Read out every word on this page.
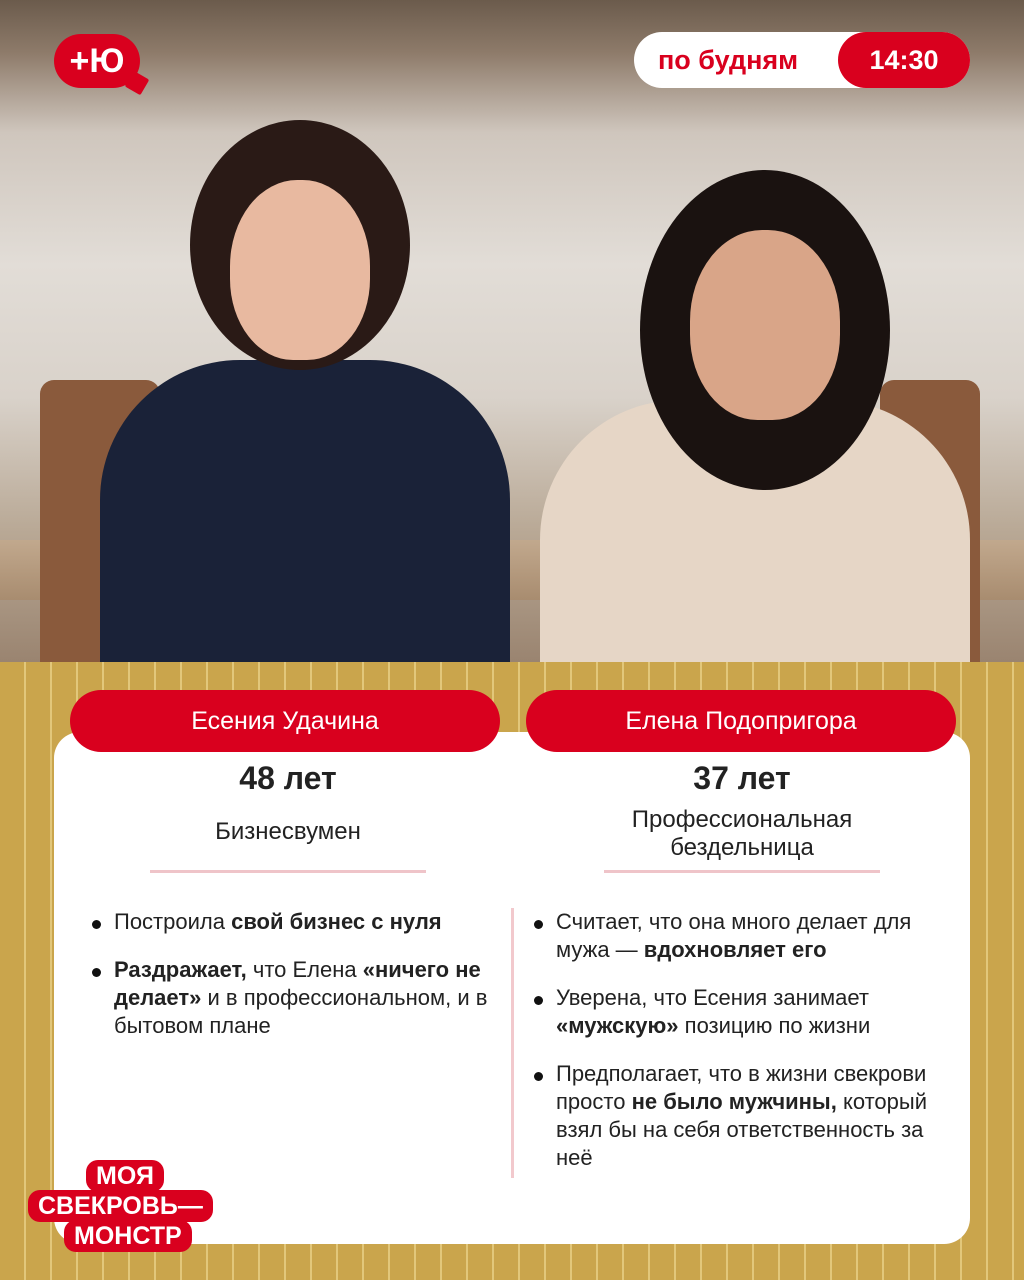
+Ю	по будням	14:30
Есения Удачина	Елена Подопригора
48 лет
Бизнесвумен
37 лет
Профессиональная
бездельница
Построила свой бизнес с нуля
Раздражает, что Елена «ничего не делает» и в профессиональном, и в бытовом плане
Считает, что она много делает для мужа — вдохновляет его
Уверена, что Есения занимает «мужскую» позицию по жизни
Предполагает, что в жизни свекрови просто не было мужчины, который взял бы на себя ответственность за неё
МОЯ
СВЕКРОВЬ—
МОНСТР
